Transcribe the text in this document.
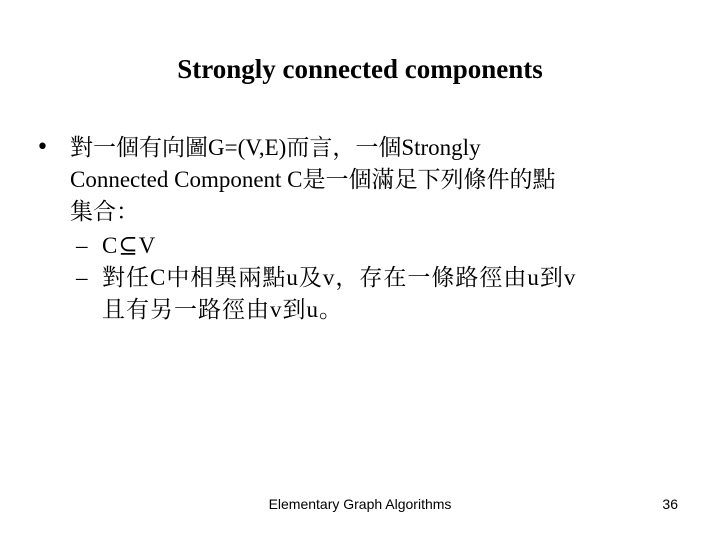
Strongly connected components
• 對一個有向圖G=(V,E)而言，一個Strongly
Connected Component C是一個滿足下列條件的點
集合：
– C⊆V
– 對任C中相異兩點u及v，存在一條路徑由u到v
且有另一路徑由v到u。
Elementary Graph Algorithms	36
